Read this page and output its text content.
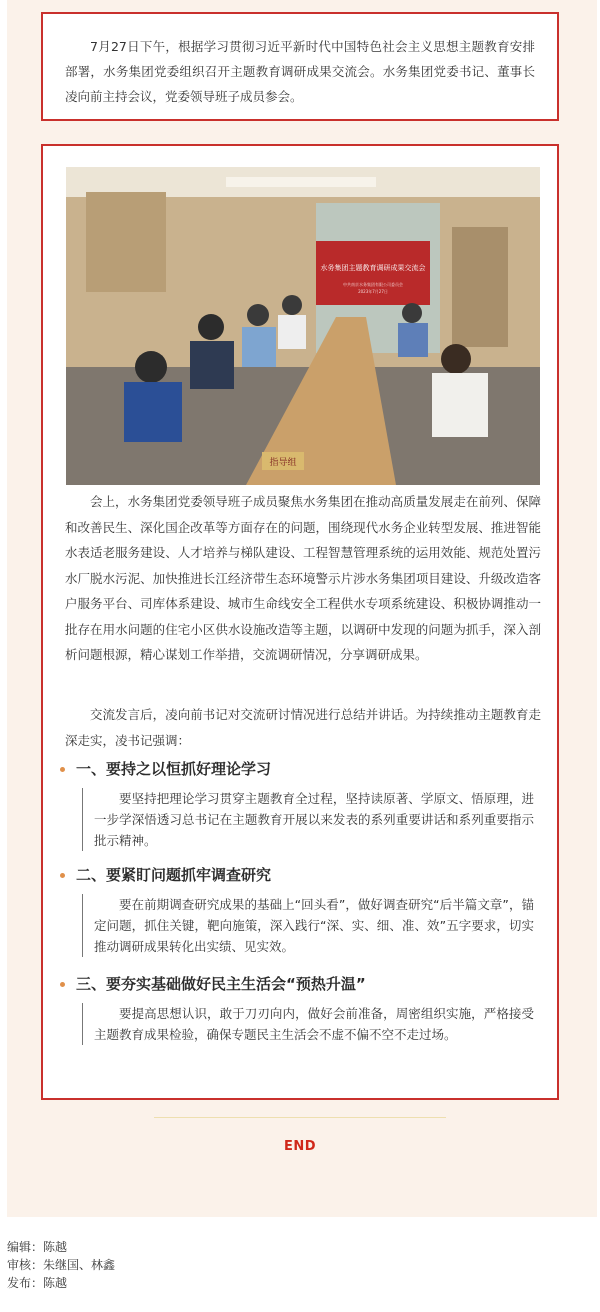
7月27日下午，根据学习贯彻习近平新时代中国特色社会主义思想主题教育安排部署，水务集团党委组织召开主题教育调研成果交流会。水务集团党委书记、董事长凌向前主持会议，党委领导班子成员参会。
水务集团主题教育调研成果交流会
中共南京水务集团有限公司委员会
2023年7月27日
指导组
会上，水务集团党委领导班子成员聚焦水务集团在推动高质量发展走在前列、保障和改善民生、深化国企改革等方面存在的问题，围绕现代水务企业转型发展、推进智能水表适老服务建设、人才培养与梯队建设、工程智慧管理系统的运用效能、规范处置污水厂脱水污泥、加快推进长江经济带生态环境警示片涉水务集团项目建设、升级改造客户服务平台、司库体系建设、城市生命线安全工程供水专项系统建设、积极协调推动一批存在用水问题的住宅小区供水设施改造等主题，以调研中发现的问题为抓手，深入剖析问题根源，精心谋划工作举措，交流调研情况，分享调研成果。
交流发言后，凌向前书记对交流研讨情况进行总结并讲话。为持续推动主题教育走深走实，凌书记强调：
一、要持之以恒抓好理论学习
要坚持把理论学习贯穿主题教育全过程，坚持读原著、学原文、悟原理，进一步学深悟透习总书记在主题教育开展以来发表的系列重要讲话和系列重要指示批示精神。
二、要紧盯问题抓牢调查研究
要在前期调查研究成果的基础上“回头看”，做好调查研究“后半篇文章”，锚定问题，抓住关键，靶向施策，深入践行“深、实、细、准、效”五字要求，切实推动调研成果转化出实绩、见实效。
三、要夯实基础做好民主生活会“预热升温”
要提高思想认识，敢于刀刃向内，做好会前准备，周密组织实施，严格接受主题教育成果检验，确保专题民主生活会不虚不偏不空不走过场。
END
编辑：陈越
审核：朱继国、林鑫
发布：陈越
